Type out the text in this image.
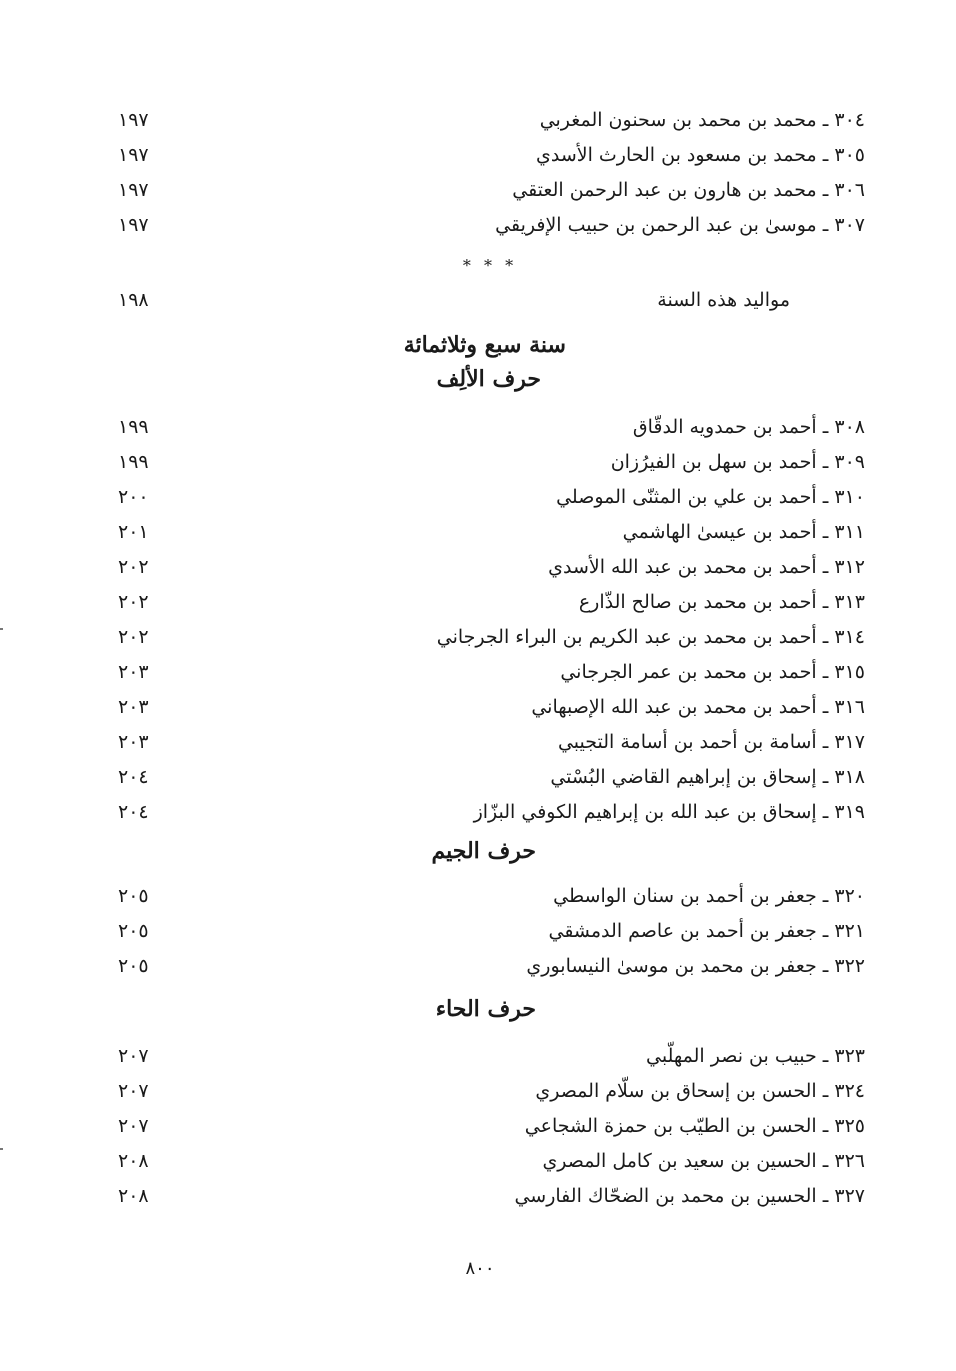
٣٠٤ ـ محمد بن محمد بن سحنون المغربي
١٩٧
٣٠٥ ـ محمد بن مسعود بن الحارث الأسدي
١٩٧
٣٠٦ ـ محمد بن هارون بن عبد الرحمن العتقي
١٩٧
٣٠٧ ـ موسىٰ بن عبد الرحمن بن حبيب الإفريقي
١٩٧
* * *
مواليد هذه السنة
١٩٨
سنة سبع وثلاثمائة
حرف الألِف
٣٠٨ ـ أحمد بن حمدويه الدقّاق
١٩٩
٣٠٩ ـ أحمد بن سهل بن الفيرُزان
١٩٩
٣١٠ ـ أحمد بن علي بن المثنّى الموصلي
٢٠٠
٣١١ ـ أحمد بن عيسىٰ الهاشمي
٢٠١
٣١٢ ـ أحمد بن محمد بن عبد الله الأسدي
٢٠٢
٣١٣ ـ أحمد بن محمد بن صالح الذّارع
٢٠٢
٣١٤ ـ أحمد بن محمد بن عبد الكريم بن البراء الجرجاني
٢٠٢
٣١٥ ـ أحمد بن محمد بن عمر الجرجاني
٢٠٣
٣١٦ ـ أحمد بن محمد بن عبد الله الإصبهاني
٢٠٣
٣١٧ ـ أسامة بن أحمد بن أسامة التجيبي
٢٠٣
٣١٨ ـ إسحاق بن إبراهيم القاضي البُسْتي
٢٠٤
٣١٩ ـ إسحاق بن عبد الله بن إبراهيم الكوفي البزّاز
٢٠٤
حرف الجيم
٣٢٠ ـ جعفر بن أحمد بن سنان الواسطي
٢٠٥
٣٢١ ـ جعفر بن أحمد بن عاصم الدمشقي
٢٠٥
٣٢٢ ـ جعفر بن محمد بن موسىٰ النيسابوري
٢٠٥
حرف الحاء
٣٢٣ ـ حبيب بن نصر المهلّبي
٢٠٧
٣٢٤ ـ الحسن بن إسحاق بن سلّام المصري
٢٠٧
٣٢٥ ـ الحسن بن الطيّب بن حمزة الشجاعي
٢٠٧
٣٢٦ ـ الحسين بن سعيد بن كامل المصري
٢٠٨
٣٢٧ ـ الحسين بن محمد بن الضحّاك الفارسي
٢٠٨
٨٠٠
